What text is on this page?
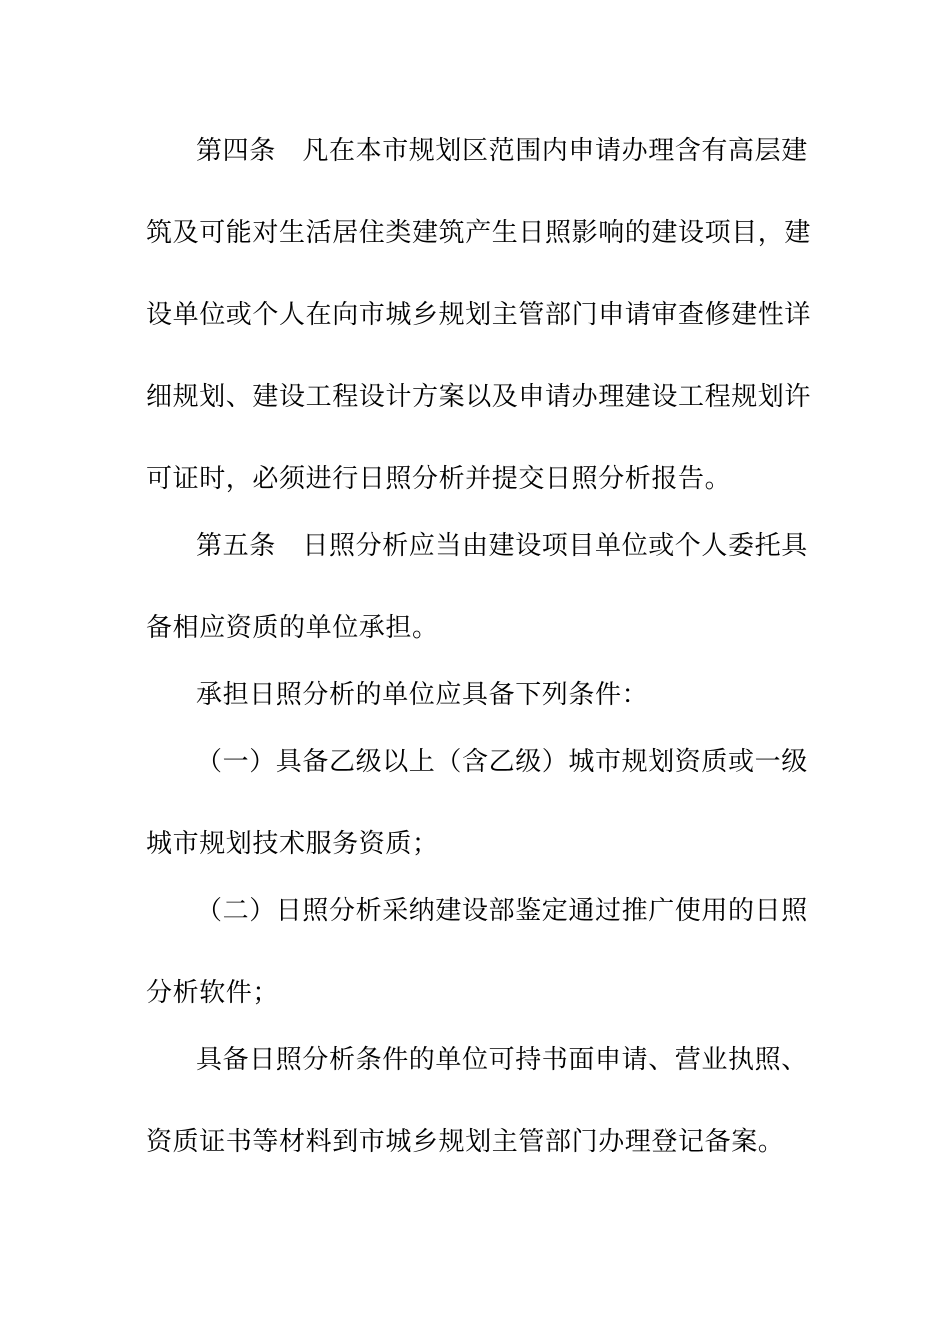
第四条　凡在本市规划区范围内申请办理含有高层建
筑及可能对生活居住类建筑产生日照影响的建设项目，建
设单位或个人在向市城乡规划主管部门申请审查修建性详
细规划、建设工程设计方案以及申请办理建设工程规划许
可证时，必须进行日照分析并提交日照分析报告。
第五条　日照分析应当由建设项目单位或个人委托具
备相应资质的单位承担。
承担日照分析的单位应具备下列条件：
（一）具备乙级以上（含乙级）城市规划资质或一级
城市规划技术服务资质；
（二）日照分析采纳建设部鉴定通过推广使用的日照
分析软件；
具备日照分析条件的单位可持书面申请、营业执照、
资质证书等材料到市城乡规划主管部门办理登记备案。
